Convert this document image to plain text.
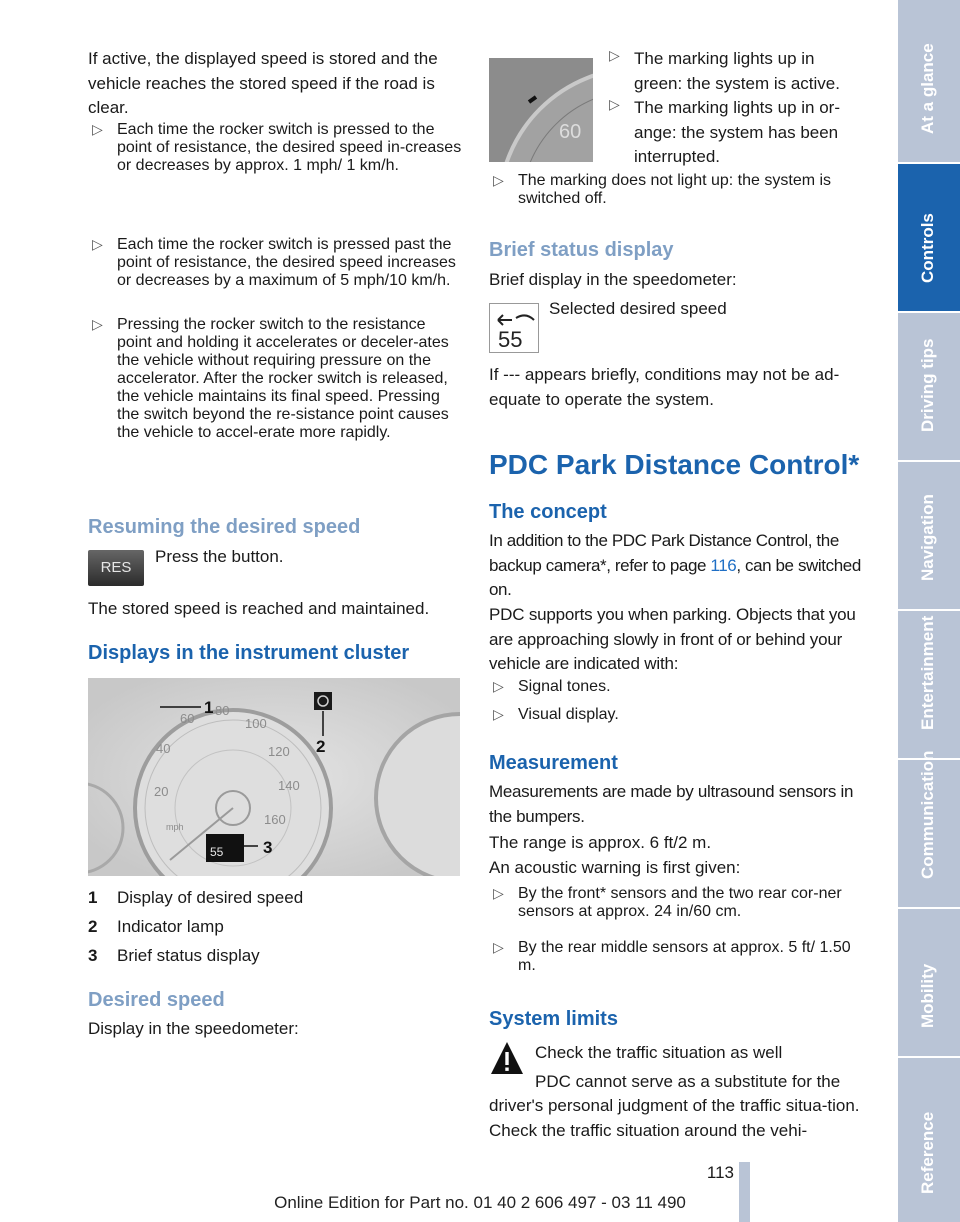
If active, the displayed speed is stored and the vehicle reaches the stored speed if the road is clear.

▷ Each time the rocker switch is pressed to the point of resistance, the desired speed in-creases or decreases by approx. 1 mph/ 1 km/h.
▷ Each time the rocker switch is pressed past the point of resistance, the desired speed increases or decreases by a maximum of 5 mph/10 km/h.
▷ Pressing the rocker switch to the resistance point and holding it accelerates or deceler-ates the vehicle without requiring pressure on the accelerator. After the rocker switch is released, the vehicle maintains its final speed. Pressing the switch beyond the re-sistance point causes the vehicle to accel-erate more rapidly.
Resuming the desired speed
RES

Press the button.

The stored speed is reached and maintained.

Displays in the instrument cluster
20
40
60
80
100
120
140
160
mph
55
1
2
3
1 Display of desired speed
2 Indicator lamp
3 Brief status display
Desired speed

Display in the speedometer:

60
▷ The marking lights up in green: the system is active.
▷ The marking lights up in or-ange: the system has been interrupted.
▷ The marking does not light up: the system is switched off.
Brief status display

Brief display in the speedometer:

55

Selected desired speed

If --- appears briefly, conditions may not be ad-equate to operate the system.

PDC Park Distance Control*
The concept

In addition to the PDC Park Distance Control, the backup camera*, refer to page 116, can be switched on.

PDC supports you when parking. Objects that you are approaching slowly in front of or behind your vehicle are indicated with:

▷ Signal tones.
▷ Visual display.
Measurement

Measurements are made by ultrasound sensors in the bumpers.

The range is approx. 6 ft/2 m.

An acoustic warning is first given:

▷ By the front* sensors and the two rear cor-ner sensors at approx. 24 in/60 cm.
▷ By the rear middle sensors at approx. 5 ft/ 1.50 m.
System limits

Check the traffic situation as well

PDC cannot serve as a substitute for the

driver's personal judgment of the traffic situa-tion. Check the traffic situation around the vehi-

At a glance
Controls
Driving tips
Navigation
Entertainment
Communication
Mobility
Reference
113
Online Edition for Part no. 01 40 2 606 497 - 03 11 490
